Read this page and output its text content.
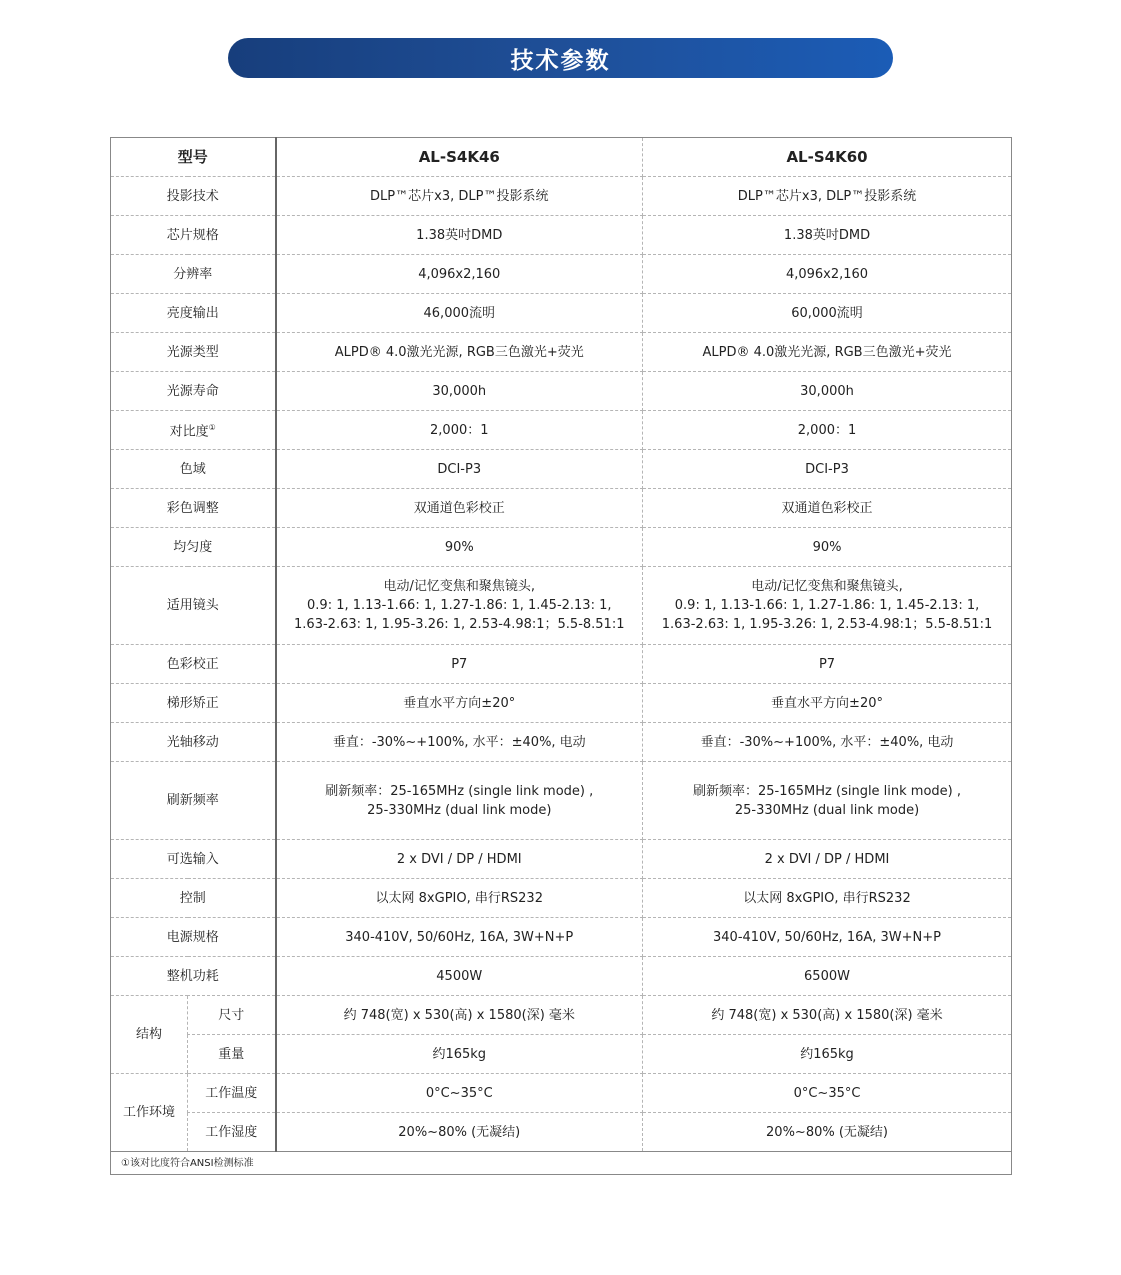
技术参数
型号		AL-S4K46	AL-S4K60
投影技术		DLP™芯片x3, DLP™投影系统	DLP™芯片x3, DLP™投影系统
芯片规格		1.38英吋DMD	1.38英吋DMD
分辨率		4,096x2,160	4,096x2,160
亮度输出		46,000流明	60,000流明
光源类型		ALPD® 4.0激光光源, RGB三色激光+荧光	ALPD® 4.0激光光源, RGB三色激光+荧光
光源寿命		30,000h	30,000h
对比度①		2,000：1	2,000：1
色域		DCI-P3	DCI-P3
彩色调整		双通道色彩校正	双通道色彩校正
均匀度		90%	90%
适用镜头		电动/记忆变焦和聚焦镜头,
0.9: 1, 1.13-1.66: 1, 1.27-1.86: 1, 1.45-2.13: 1,
1.63-2.63: 1, 1.95-3.26: 1, 2.53-4.98:1；5.5-8.51:1	电动/记忆变焦和聚焦镜头,
0.9: 1, 1.13-1.66: 1, 1.27-1.86: 1, 1.45-2.13: 1,
1.63-2.63: 1, 1.95-3.26: 1, 2.53-4.98:1；5.5-8.51:1
色彩校正		P7	P7
梯形矫正		垂直水平方向±20°	垂直水平方向±20°
光轴移动		垂直：-30%~+100%, 水平：±40%, 电动	垂直：-30%~+100%, 水平：±40%, 电动
刷新频率		刷新频率：25-165MHz (single link mode) ,
25-330MHz (dual link mode)	刷新频率：25-165MHz (single link mode) ,
25-330MHz (dual link mode)
可选输入		2 x DVI / DP / HDMI	2 x DVI / DP / HDMI
控制		以太网 8xGPIO, 串行RS232	以太网 8xGPIO, 串行RS232
电源规格		340-410V, 50/60Hz, 16A, 3W+N+P	340-410V, 50/60Hz, 16A, 3W+N+P
整机功耗		4500W	6500W
结构	尺寸	约 748(宽) x 530(高) x 1580(深) 毫米	约 748(宽) x 530(高) x 1580(深) 毫米
	重量	约165kg	约165kg
工作环境	工作温度	0°C~35°C	0°C~35°C
	工作湿度	20%~80% (无凝结)	20%~80% (无凝结)
①该对比度符合ANSI检测标准			
